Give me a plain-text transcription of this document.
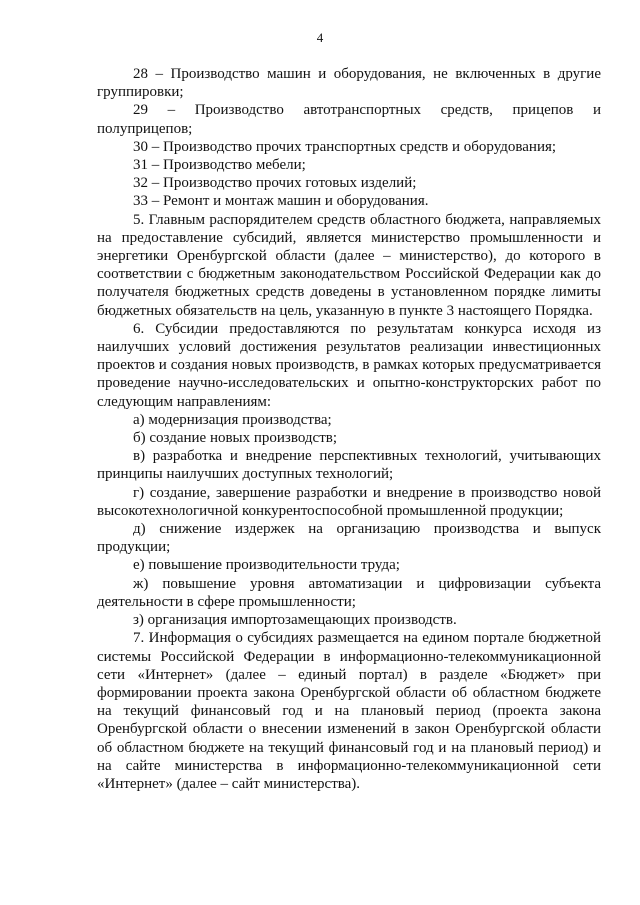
4

28 – Производство машин и оборудования, не включенных в другие группировки;

29 – Производство автотранспортных средств, прицепов и полуприцепов;

30 – Производство прочих транспортных средств и оборудования;

31 – Производство мебели;

32 – Производство прочих готовых изделий;

33 – Ремонт и монтаж машин и оборудования.

5. Главным распорядителем средств областного бюджета, направляемых на предоставление субсидий, является министерство промышленности и энергетики Оренбургской области (далее – министерство), до которого в соответствии с бюджетным законодательством Российской Федерации как до получателя бюджетных средств доведены в установленном порядке лимиты бюджетных обязательств на цель, указанную в пункте 3 настоящего Порядка.

6. Субсидии предоставляются по результатам конкурса исходя из наилучших условий достижения результатов реализации инвестиционных проектов и создания новых производств, в рамках которых предусматривается проведение научно-исследовательских и опытно-конструкторских работ по следующим направлениям:

а) модернизация производства;

б) создание новых производств;

в) разработка и внедрение перспективных технологий, учитывающих принципы наилучших доступных технологий;

г) создание, завершение разработки и внедрение в производство новой высокотехнологичной конкурентоспособной промышленной продукции;

д) снижение издержек на организацию производства и выпуск продукции;

е) повышение производительности труда;

ж) повышение уровня автоматизации и цифровизации субъекта деятельности в сфере промышленности;

з) организация импортозамещающих производств.

7. Информация о субсидиях размещается на едином портале бюджетной системы Российской Федерации в информационно-телекоммуникационной сети «Интернет» (далее – единый портал) в разделе «Бюджет» при формировании проекта закона Оренбургской области об областном бюджете на текущий финансовый год и на плановый период (проекта закона Оренбургской области о внесении изменений в закон Оренбургской области об областном бюджете на текущий финансовый год и на плановый период) и на сайте министерства в информационно-телекоммуникационной сети «Интернет» (далее – сайт министерства).
